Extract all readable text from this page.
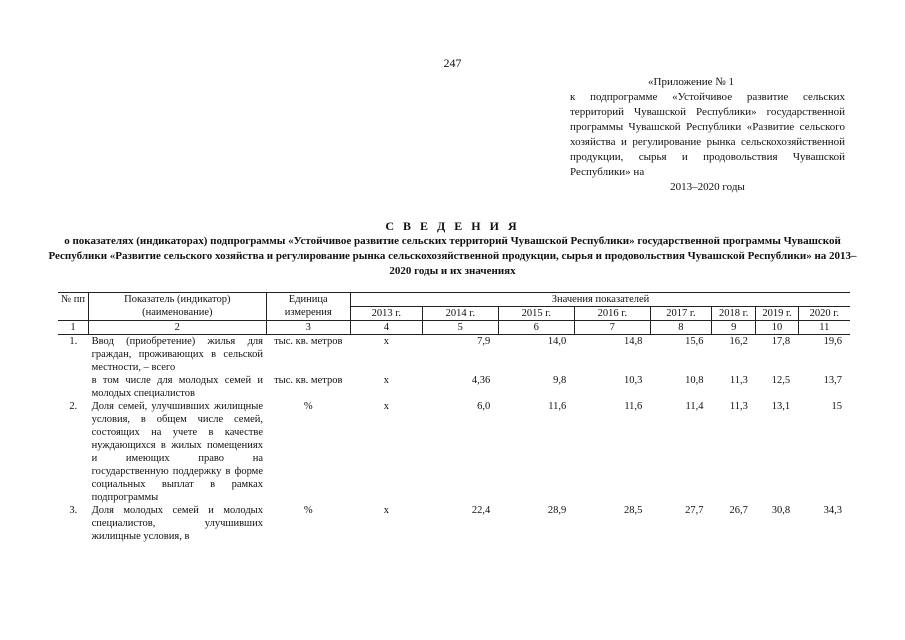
247
«Приложение № 1
к подпрограмме «Устойчивое развитие сельских территорий Чувашской Республики» государственной программы Чувашской Республики «Развитие сельского хозяйства и регулирование рынка сельскохозяйственной продукции, сырья и продовольствия Чувашской Республики» на
2013–2020 годы
С В Е Д Е Н И Я
о показателях (индикаторах) подпрограммы «Устойчивое развитие сельских территорий Чувашской Республики» государственной программы Чувашской Республики «Развитие сельского хозяйства и регулирование рынка сельскохозяйственной продукции, сырья и продовольствия Чувашской Республики» на 2013–2020 годы и их значениях
№ пп	Показатель (индикатор) (наименование)	Единица измерения	Значения показателей							
			2013 г.	2014 г.	2015 г.	2016 г.	2017 г.	2018 г.	2019 г.	2020 г.
1	2	3	4	5	6	7	8	9	10	11
1.	Ввод (приобретение) жилья для граждан, проживающих в сельской местности, – всего	тыс. кв. метров	х	7,9	14,0	14,8	15,6	16,2	17,8	19,6
	в том числе для молодых семей и молодых специалистов	тыс. кв. метров	х	4,36	9,8	10,3	10,8	11,3	12,5	13,7
2.	Доля семей, улучшивших жилищные условия, в общем числе семей, состоящих на учете в качестве нуждающихся в жилых помещениях и имеющих право на государственную поддержку в форме социальных выплат в рамках подпрограммы	%	х	6,0	11,6	11,6	11,4	11,3	13,1	15
3.	Доля молодых семей и молодых специалистов, улучшивших жилищные условия, в	%	х	22,4	28,9	28,5	27,7	26,7	30,8	34,3
